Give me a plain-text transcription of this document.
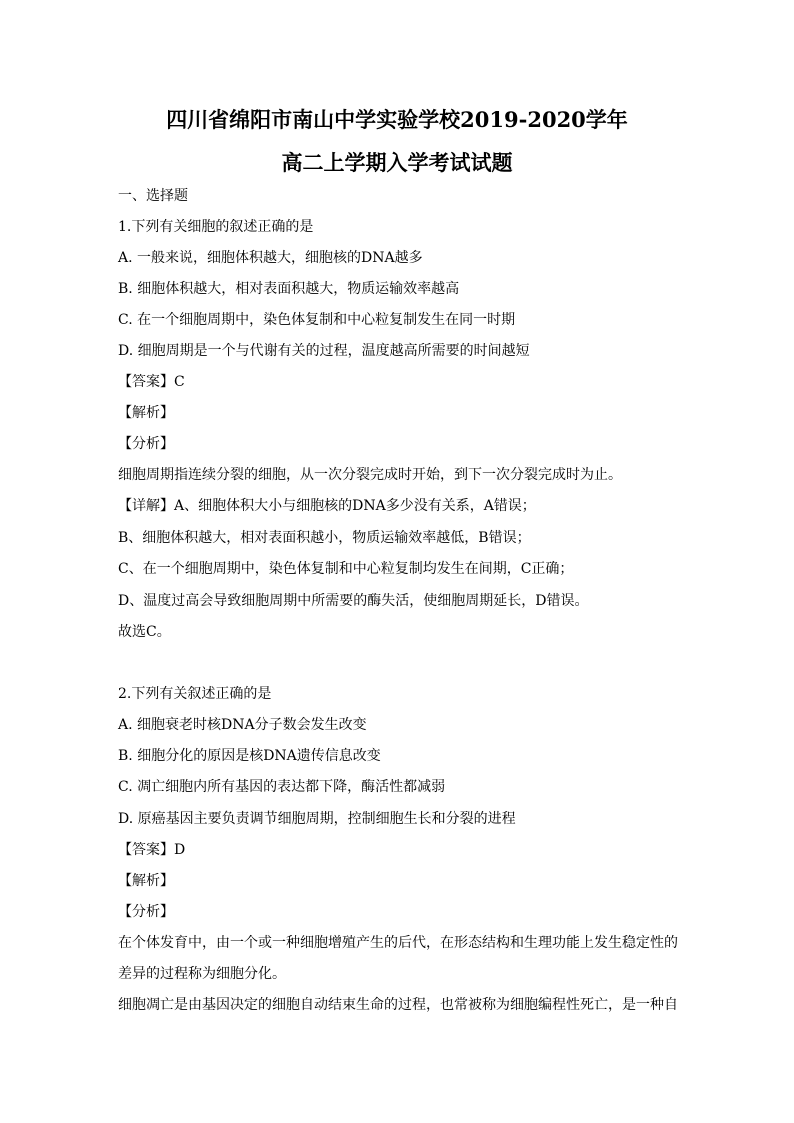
四川省绵阳市南山中学实验学校2019-2020学年
高二上学期入学考试试题
一、选择题
1.下列有关细胞的叙述正确的是
A. 一般来说，细胞体积越大，细胞核的DNA越多
B. 细胞体积越大，相对表面积越大，物质运输效率越高
C. 在一个细胞周期中，染色体复制和中心粒复制发生在同一时期
D. 细胞周期是一个与代谢有关的过程，温度越高所需要的时间越短
【答案】C
【解析】
【分析】
细胞周期指连续分裂的细胞，从一次分裂完成时开始，到下一次分裂完成时为止。
【详解】A、细胞体积大小与细胞核的DNA多少没有关系，A错误；
B、细胞体积越大，相对表面积越小，物质运输效率越低，B错误；
C、在一个细胞周期中，染色体复制和中心粒复制均发生在间期，C正确；
D、温度过高会导致细胞周期中所需要的酶失活，使细胞周期延长，D错误。
故选C。
2.下列有关叙述正确的是
A. 细胞衰老时核DNA分子数会发生改变
B. 细胞分化的原因是核DNA遗传信息改变
C. 凋亡细胞内所有基因的表达都下降，酶活性都减弱
D. 原癌基因主要负责调节细胞周期，控制细胞生长和分裂的进程
【答案】D
【解析】
【分析】
在个体发育中，由一个或一种细胞增殖产生的后代，在形态结构和生理功能上发生稳定性的
差异的过程称为细胞分化。
细胞凋亡是由基因决定的细胞自动结束生命的过程，也常被称为细胞编程性死亡，是一种自
